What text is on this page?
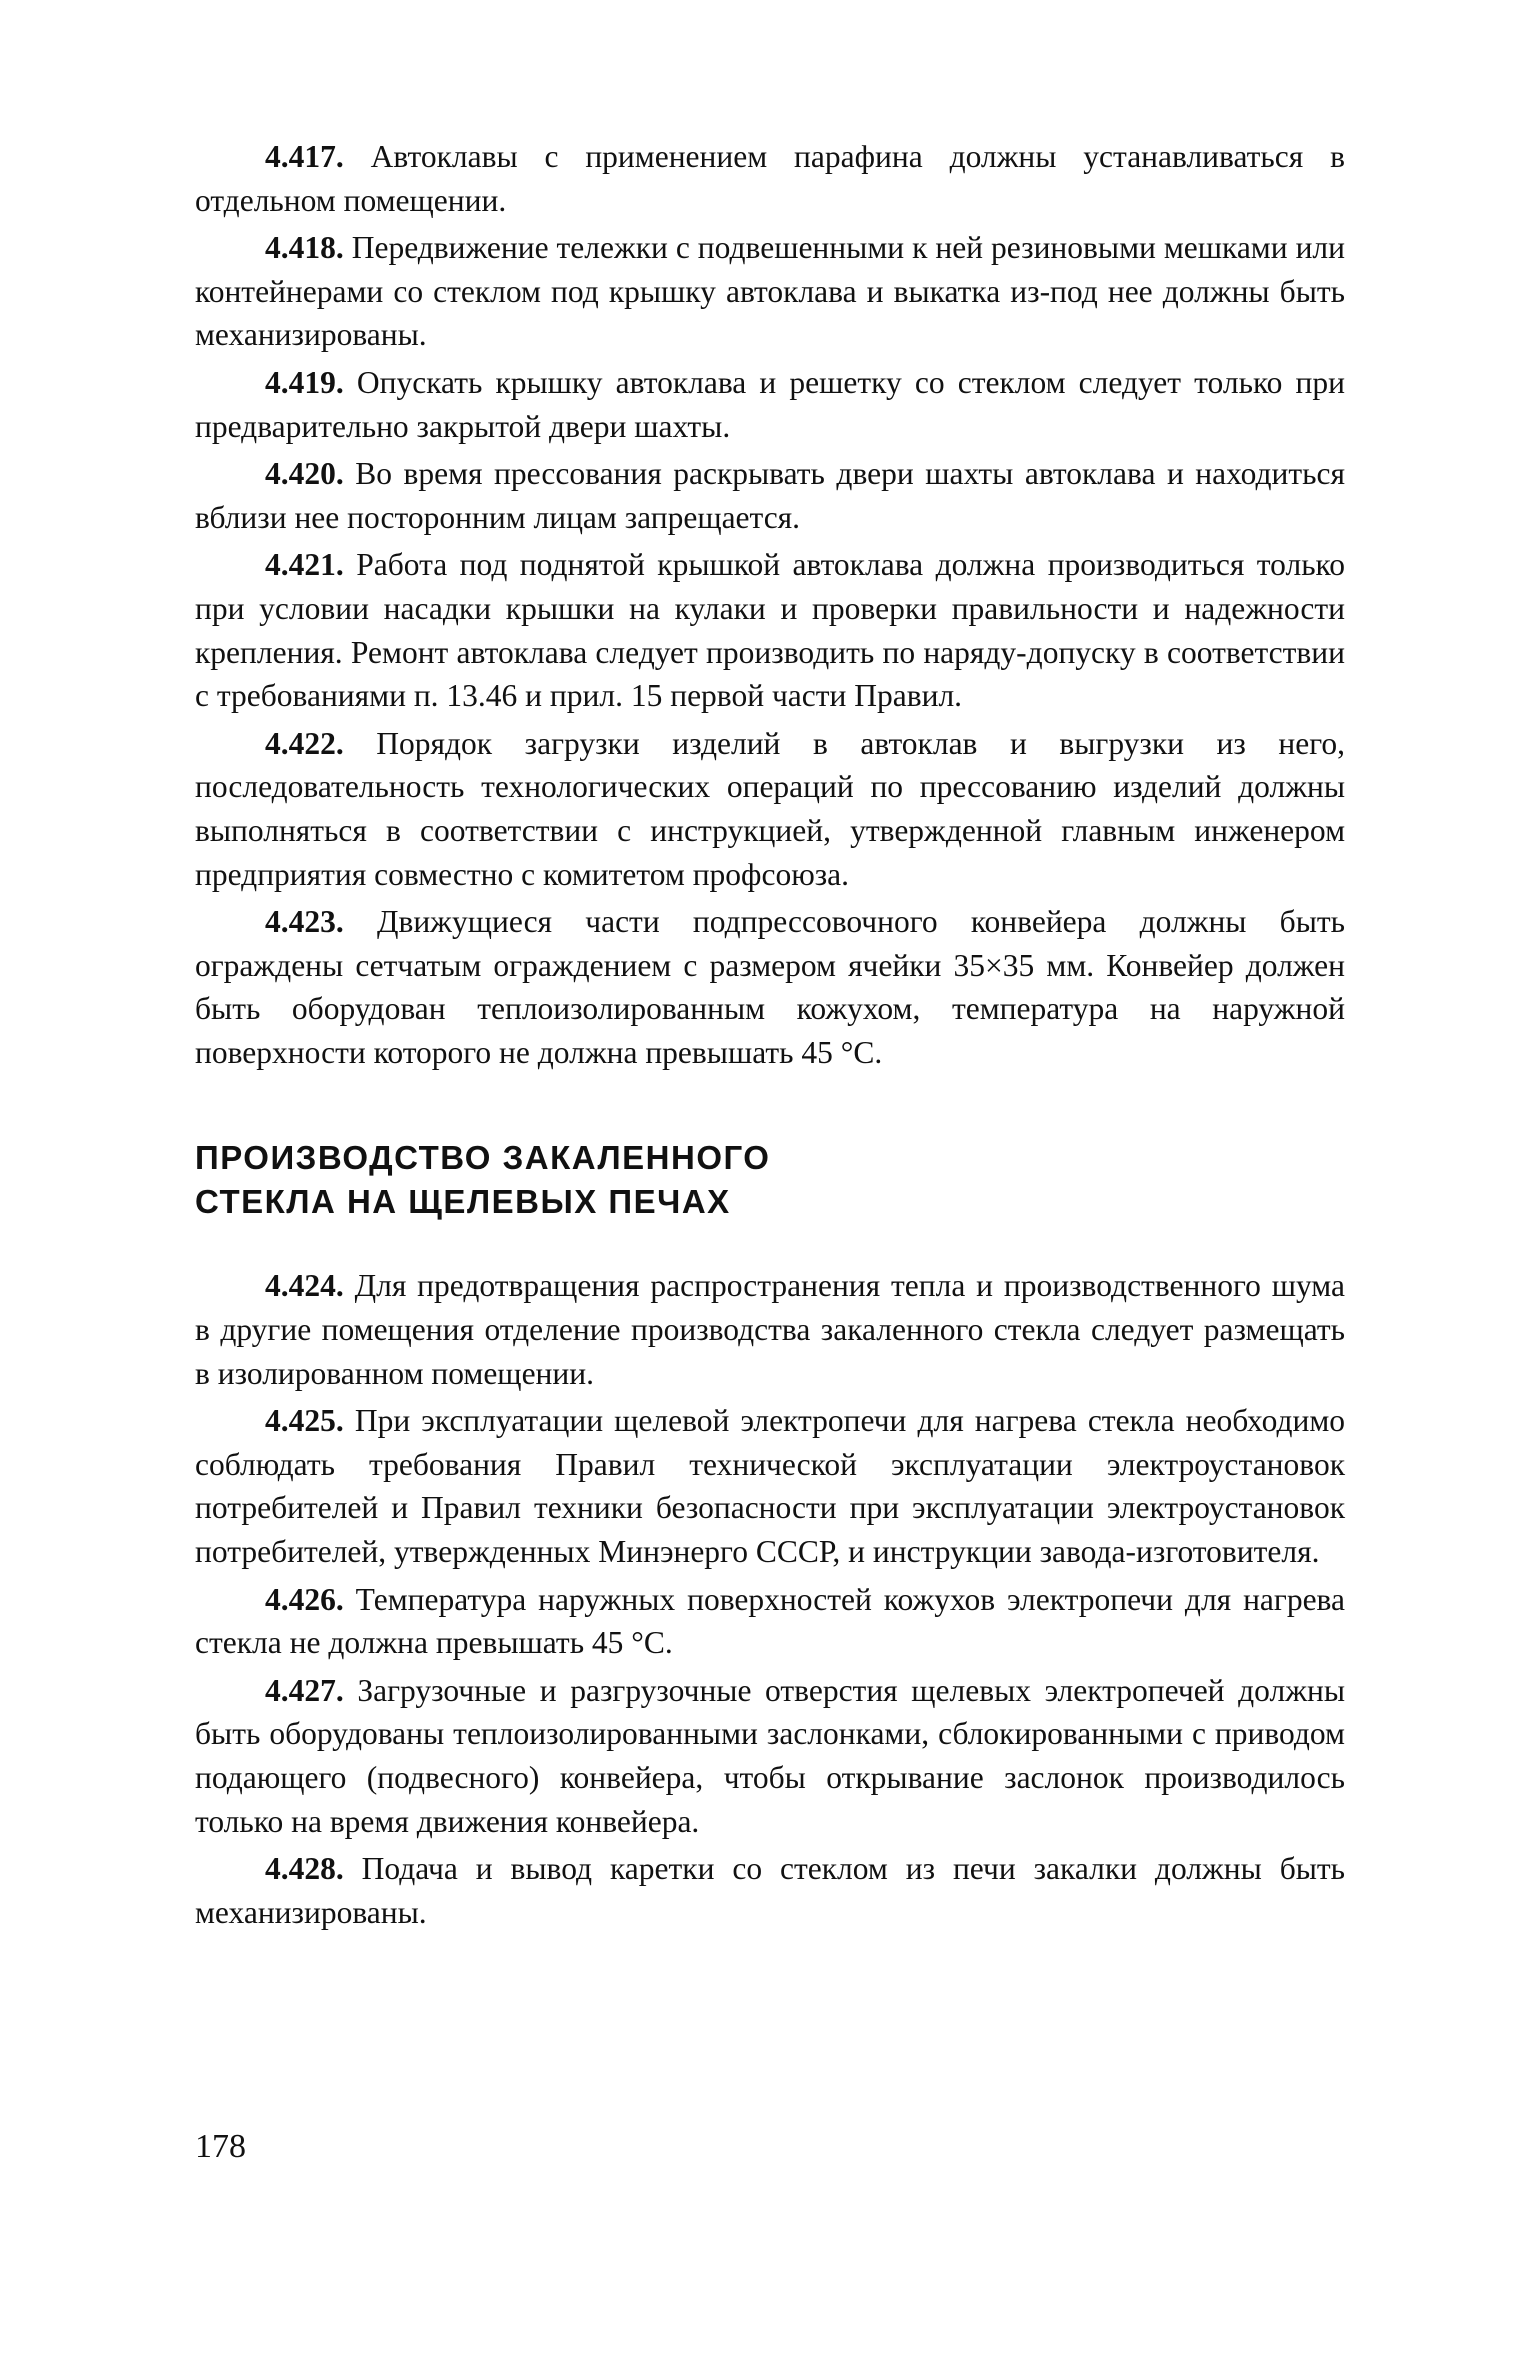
4.417. Автоклавы с применением парафина должны устанавливаться в отдельном помещении.

4.418. Передвижение тележки с подвешенными к ней резиновыми мешками или контейнерами со стеклом под крышку автоклава и выкатка из-под нее должны быть механизированы.

4.419. Опускать крышку автоклава и решетку со стеклом следует только при предварительно закрытой двери шахты.

4.420. Во время прессования раскрывать двери шахты автоклава и находиться вблизи нее посторонним лицам запрещается.

4.421. Работа под поднятой крышкой автоклава должна производиться только при условии насадки крышки на кулаки и проверки правильности и надежности крепления. Ремонт автоклава следует производить по наряду-допуску в соответствии с требованиями п. 13.46 и прил. 15 первой части Правил.

4.422. Порядок загрузки изделий в автоклав и выгрузки из него, последовательность технологических операций по прессованию изделий должны выполняться в соответствии с инструкцией, утвержденной главным инженером предприятия совместно с комитетом профсоюза.

4.423. Движущиеся части подпрессовочного конвейера должны быть ограждены сетчатым ограждением с размером ячейки 35×35 мм. Конвейер должен быть оборудован теплоизолированным кожухом, температура на наружной поверхности которого не должна превышать 45 °С.

ПРОИЗВОДСТВО ЗАКАЛЕННОГО
СТЕКЛА НА ЩЕЛЕВЫХ ПЕЧАХ

4.424. Для предотвращения распространения тепла и производственного шума в другие помещения отделение производства закаленного стекла следует размещать в изолированном помещении.

4.425. При эксплуатации щелевой электропечи для нагрева стекла необходимо соблюдать требования Правил технической эксплуатации электроустановок потребителей и Правил техники безопасности при эксплуатации электроустановок потребителей, утвержденных Минэнерго СССР, и инструкции завода-изготовителя.

4.426. Температура наружных поверхностей кожухов электропечи для нагрева стекла не должна превышать 45 °С.

4.427. Загрузочные и разгрузочные отверстия щелевых электропечей должны быть оборудованы теплоизолированными заслонками, сблокированными с приводом подающего (подвесного) конвейера, чтобы открывание заслонок производилось только на время движения конвейера.

4.428. Подача и вывод каретки со стеклом из печи закалки должны быть механизированы.

178
